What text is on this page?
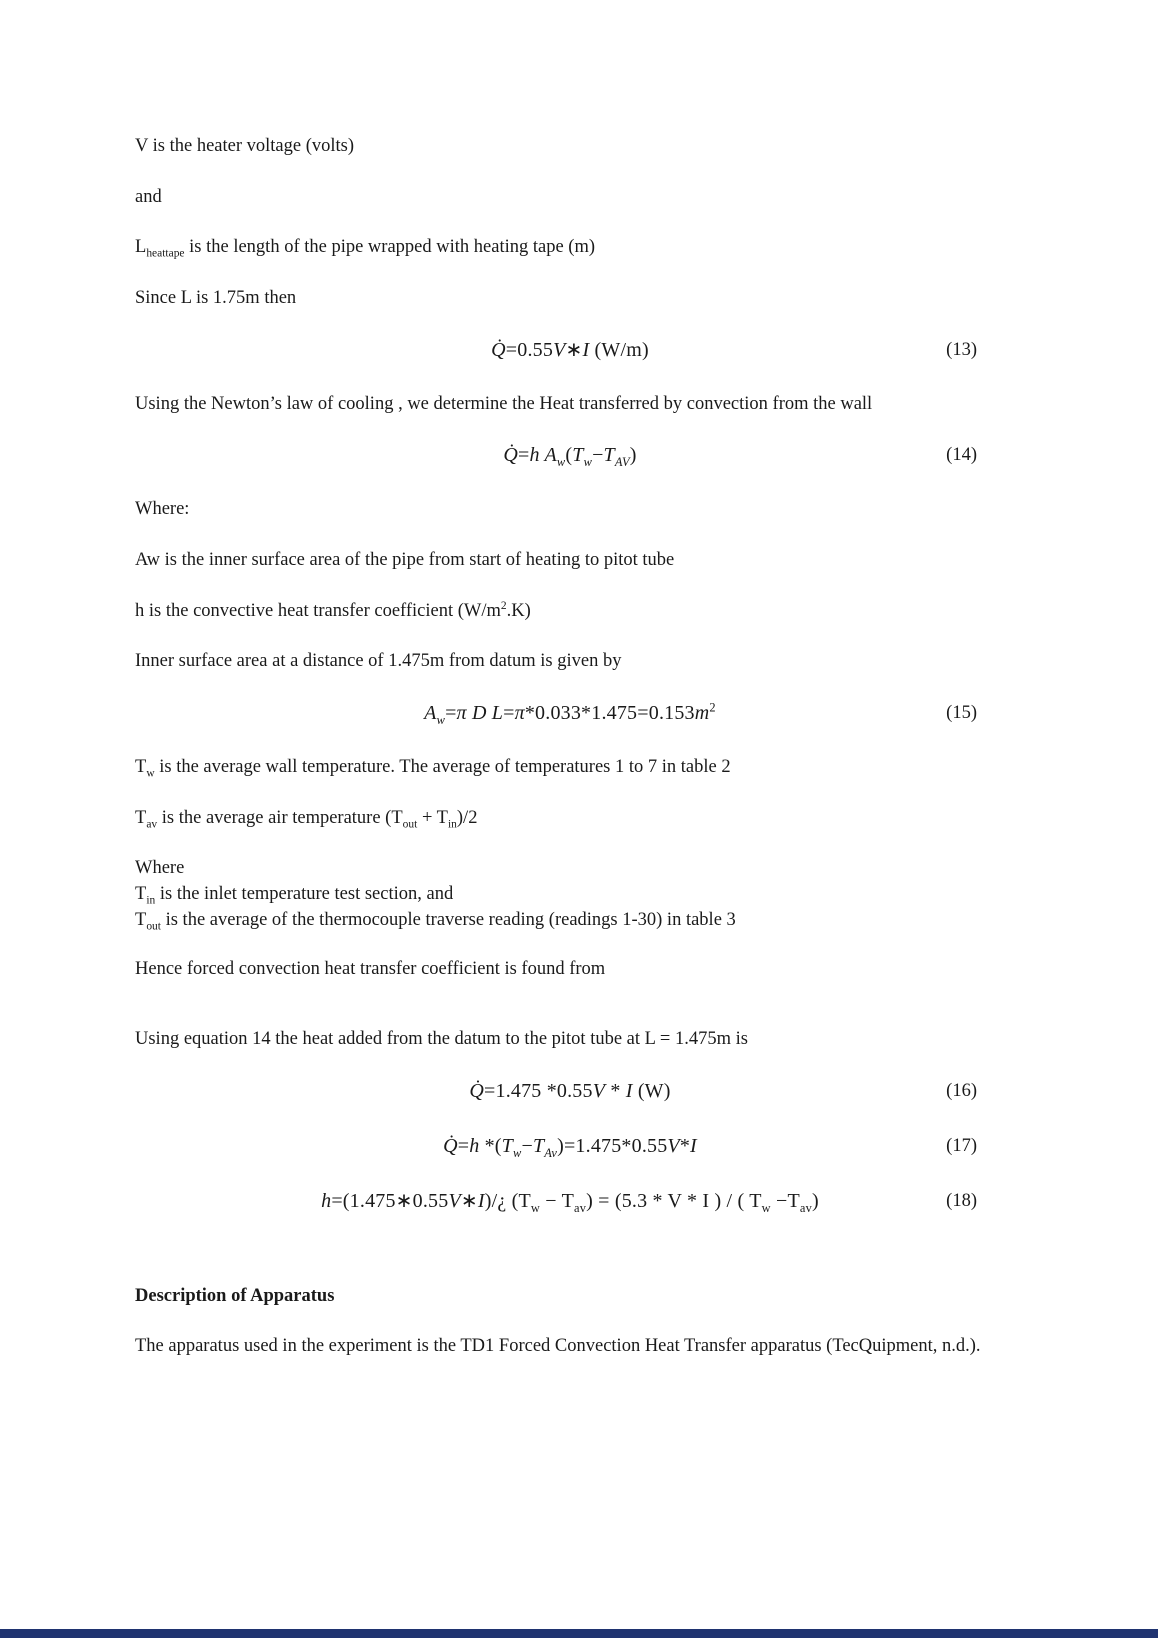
V is the heater voltage (volts)

and

$L_{heattape}$ is the length of the pipe wrapped with heating tape (m)

Since L is 1.75m then

Q̇=0.55V∗I (W/m)	(13)

Using the Newton’s law of cooling , we determine the Heat transferred by convection from the wall

Q̇=h $A_w(T_w-T_{AV})$	(14)

Where:

Aw is the inner surface area of the pipe from start of heating to pitot tube

h is the convective heat transfer coefficient $(W/m^2.K)$

Inner surface area at a distance of 1.475m from datum is given by

$A_w=\pi$ D $L=\pi*0.033*1.475=0.153m^2$	(15)

$T_w$ is the average wall temperature. The average of temperatures 1 to 7 in table 2

$T_{av}$ is the average air temperature $(T_{out} + T_{in})/2$

Where

$T_{in}$ is the inlet temperature test section, and

$T_{out}$ is the average of the thermocouple traverse reading (readings 1-30) in table 3

Hence forced convection heat transfer coefficient is found from

Using equation 14 the heat added from the datum to the pitot tube at L = 1.475m is

Q̇=1.475 *0.55V * I (W)	(16)
Q̇=h $*(T_w-T_{Av})=1.475*0.55V*I$	(17)
h=(1.475∗0.55V∗I)/¿ $(T_w - T_{av}) = (5.3 * V * I$ ) / ( $T_w -T_{av}$)	(18)

Description of Apparatus

The apparatus used in the experiment is the TD1 Forced Convection Heat Transfer apparatus (TecQuipment, n.d.).
